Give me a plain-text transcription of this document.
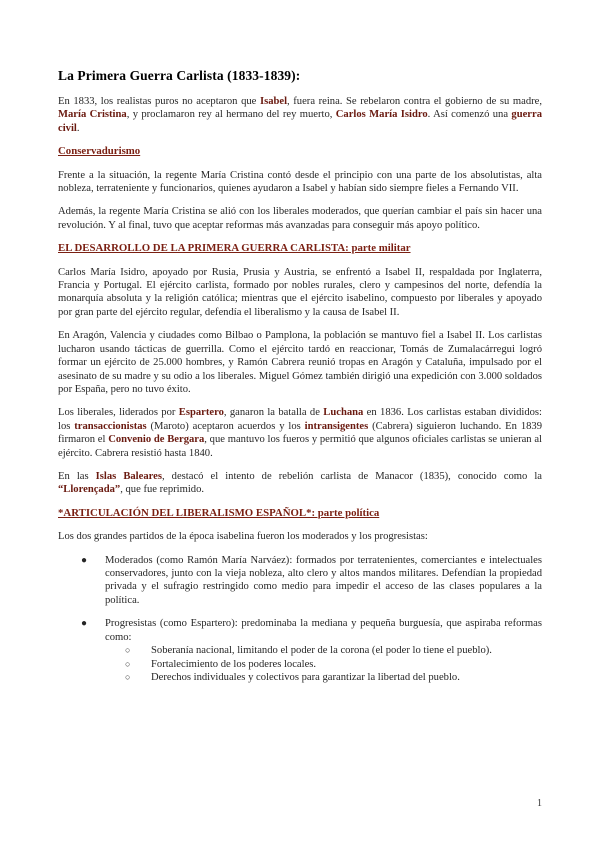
La Primera Guerra Carlista (1833-1839):

En 1833, los realistas puros no aceptaron que Isabel, fuera reina. Se rebelaron contra el gobierno de su madre, María Cristina, y proclamaron rey al hermano del rey muerto, Carlos María Isidro. Así comenzó una guerra civil.

Conservadurismo

Frente a la situación, la regente María Cristina contó desde el principio con una parte de los absolutistas, alta nobleza, terrateniente y funcionarios, quienes ayudaron a Isabel y habían sido siempre fieles a Fernando VII.

Además, la regente María Cristina se alió con los liberales moderados, que querían cambiar el país sin hacer una revolución. Y al final, tuvo que aceptar reformas más avanzadas para conseguir más apoyo político.

EL DESARROLLO DE LA PRIMERA GUERRA CARLISTA: parte militar

Carlos María Isidro, apoyado por Rusia, Prusia y Austria, se enfrentó a Isabel II, respaldada por Inglaterra, Francia y Portugal. El ejército carlista, formado por nobles rurales, clero y campesinos del norte, defendía la monarquía absoluta y la religión católica; mientras que el ejército isabelino, compuesto por liberales y apoyado por gran parte del ejército regular, defendía el liberalismo y la causa de Isabel II.

En Aragón, Valencia y ciudades como Bilbao o Pamplona, la población se mantuvo fiel a Isabel II. Los carlistas lucharon usando tácticas de guerrilla. Como el ejército tardó en reaccionar, Tomás de Zumalacárregui logró formar un ejército de 25.000 hombres, y Ramón Cabrera reunió tropas en Aragón y Cataluña, impulsado por el asesinato de su madre y su odio a los liberales. Miguel Gómez también dirigió una expedición con 3.000 soldados por España, pero no tuvo éxito.

Los liberales, liderados por Espartero, ganaron la batalla de Luchana en 1836. Los carlistas estaban divididos: los transaccionistas (Maroto) aceptaron acuerdos y los intransigentes (Cabrera) siguieron luchando. En 1839 firmaron el Convenio de Bergara, que mantuvo los fueros y permitió que algunos oficiales carlistas se unieran al ejército. Cabrera resistió hasta 1840.

En las Islas Baleares, destacó el intento de rebelión carlista de Manacor (1835), conocido como la “Llorençada”, que fue reprimido.

*ARTICULACIÓN DEL LIBERALISMO ESPAÑOL*: parte política

Los dos grandes partidos de la época isabelina fueron los moderados y los progresistas:

● Moderados (como Ramón María Narváez): formados por terratenientes, comerciantes e intelectuales conservadores, junto con la vieja nobleza, alto clero y altos mandos militares. Defendían la propiedad privada y el sufragio restringido como medio para impedir el acceso de las clases populares a la política.
● Progresistas (como Espartero): predominaba la mediana y pequeña burguesía, que aspiraba reformas como:
○ Soberanía nacional, limitando el poder de la corona (el poder lo tiene el pueblo).
○ Fortalecimiento de los poderes locales.
○ Derechos individuales y colectivos para garantizar la libertad del pueblo.
1
